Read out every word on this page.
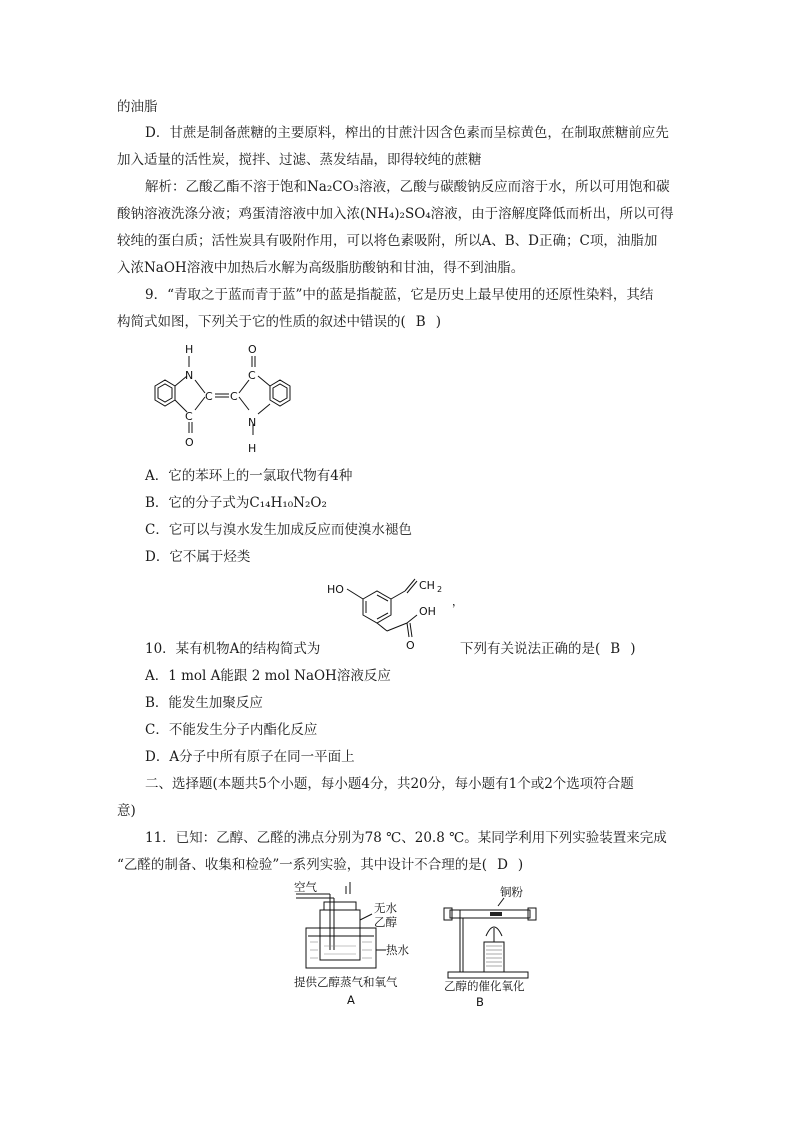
的油脂
D．甘蔗是制备蔗糖的主要原料，榨出的甘蔗汁因含色素而呈棕黄色，在制取蔗糖前应先
加入适量的活性炭，搅拌、过滤、蒸发结晶，即得较纯的蔗糖
解析：乙酸乙酯不溶于饱和Na₂CO₃溶液，乙酸与碳酸钠反应而溶于水，所以可用饱和碳
酸钠溶液洗涤分液；鸡蛋清溶液中加入浓(NH₄)₂SO₄溶液，由于溶解度降低而析出，所以可得
较纯的蛋白质；活性炭具有吸附作用，可以将色素吸附，所以A、B、D正确；C项，油脂加
入浓NaOH溶液中加热后水解为高级脂肪酸钠和甘油，得不到油脂。
9．“青取之于蓝而青于蓝”中的蓝是指靛蓝，它是历史上最早使用的还原性染料，其结
构简式如图，下列关于它的性质的叙述中错误的( B )
H
N
C C
C
O
O
C
N
H
A．它的苯环上的一氯取代物有4种
B．它的分子式为C₁₄H₁₀N₂O₂
C．它可以与溴水发生加成反应而使溴水褪色
D．它不属于烃类
HO	CH 2
OH
O
，
10．某有机物A的结构简式为	下列有关说法正确的是( B )
A．1 mol A能跟 2 mol NaOH溶液反应
B．能发生加聚反应
C．不能发生分子内酯化反应
D．A分子中所有原子在同一平面上
二、选择题(本题共5个小题，每小题4分，共20分，每小题有1个或2个选项符合题
意)
11．已知：乙醇、乙醛的沸点分别为78 ℃、20.8 ℃。某同学利用下列实验装置来完成
“乙醛的制备、收集和检验”一系列实验，其中设计不合理的是( D )
空气
无水
乙醇
热水
提供乙醇蒸气和氧气
A
铜粉
乙醇的催化氧化
B
